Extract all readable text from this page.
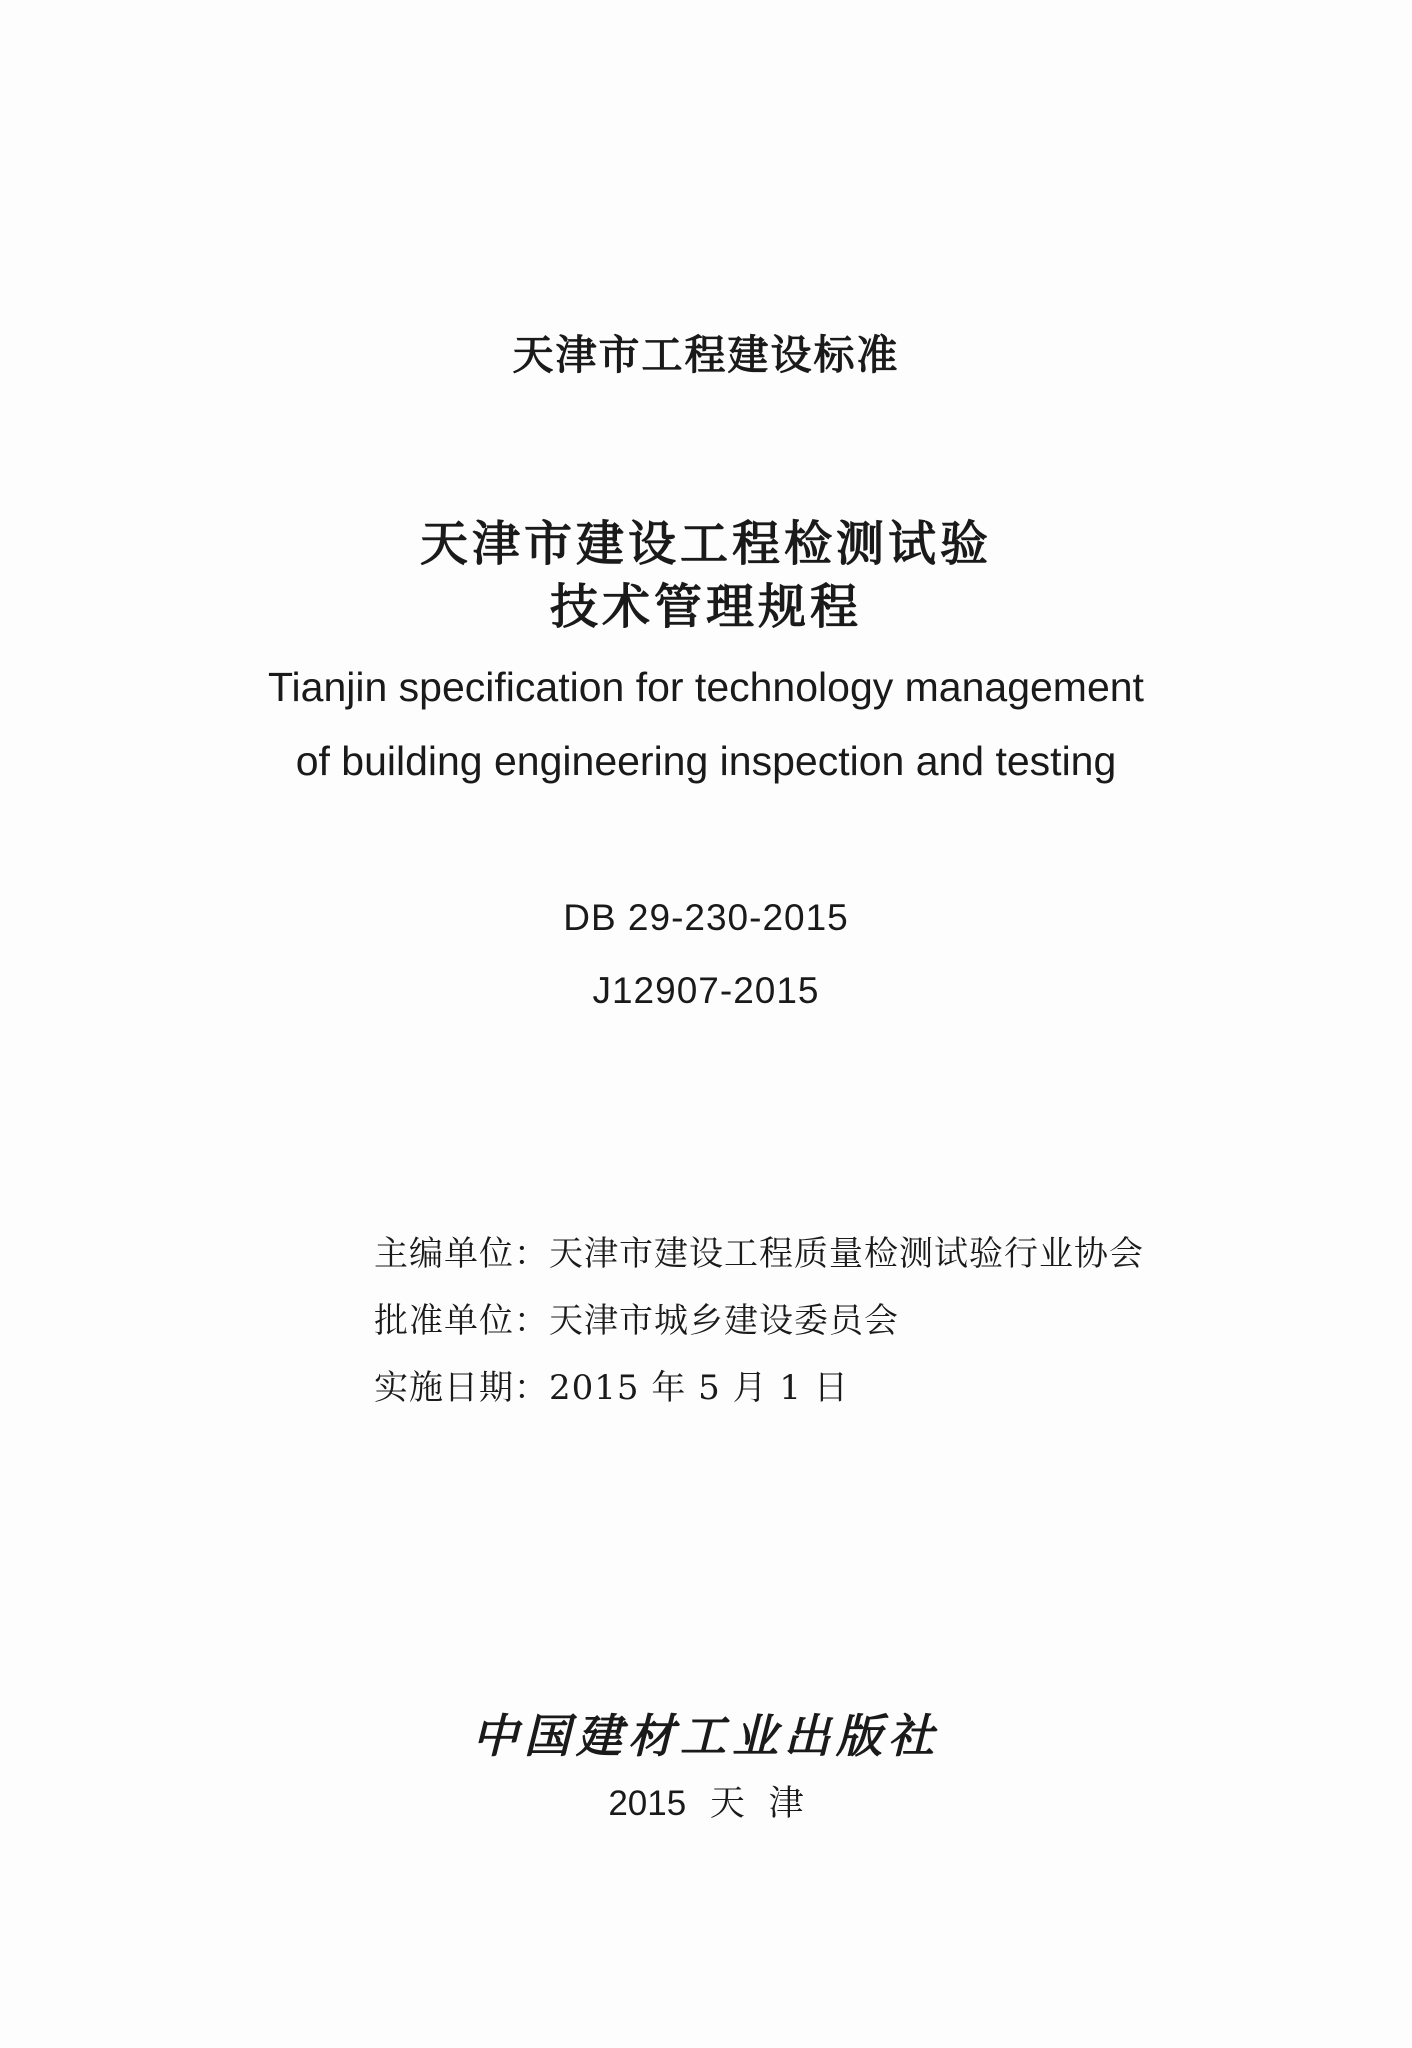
天津市工程建设标准
天津市建设工程检测试验
技术管理规程
Tianjin specification for technology management
of building engineering inspection and testing
DB 29-230-2015
J12907-2015
主编单位：天津市建设工程质量检测试验行业协会
批准单位：天津市城乡建设委员会
实施日期：2015 年 5 月 1 日
中国建材工业出版社
2015 天 津
